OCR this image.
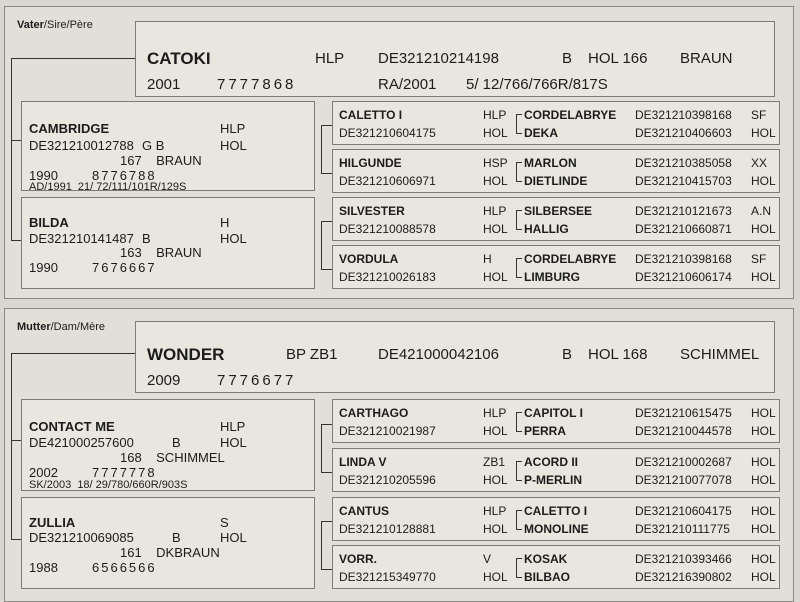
Vater/Sire/Père
CATOKI	HLP DE321210214198	B HOL 166 BRAUN
2001 7777868	RA/2001 5/ 12/766/766R/817S
CAMBRIDGE	HLP
DE321210012788 G B	HOL
167    BRAUN
1990	8776788
AD/1991  21/ 72/111/101R/129S
BILDA	H
DE321210141487 B	HOL
163    BRAUN
1990	7676667
CALETTO I	HLP
DE321210604175	HOL
CORDELABRYE DE321210398168 SF
DEKA	DE321210406603 HOL
HILGUNDE	HSP
DE321210606971	HOL
MARLON	DE321210385058 XX
DIETLINDE	DE321210415703 HOL
SILVESTER	HLP
DE321210088578	HOL
SILBERSEE	DE321210121673 A.N
HALLIG	DE321210660871 HOL
VORDULA	H
DE321210026183	HOL
CORDELABRYE DE321210398168 SF
LIMBURG	DE321210606174 HOL
Mutter/Dam/Mère
WONDER	BP ZB1	DE421000042106	B HOL 168 SCHIMMEL
2009 7776677
CONTACT ME	HLP
DE421000257600	B	HOL
168    SCHIMMEL
2002	7777778
SK/2003  18/ 29/780/660R/903S
ZULLIA	S
DE321210069085	B	HOL
161    DKBRAUN
1988	6566566
CARTHAGO	HLP
DE321210021987	HOL
CAPITOL I	DE321210615475 HOL
PERRA	DE321210044578 HOL
LINDA V	ZB1
DE321210205596	HOL
ACORD II	DE321210002687 HOL
P-MERLIN	DE321210077078 HOL
CANTUS	HLP
DE321210128881	HOL
CALETTO I	DE321210604175 HOL
MONOLINE	DE321210111775 HOL
VORR.	V
DE321215349770	HOL
KOSAK	DE321210393466 HOL
BILBAO	DE321216390802 HOL
